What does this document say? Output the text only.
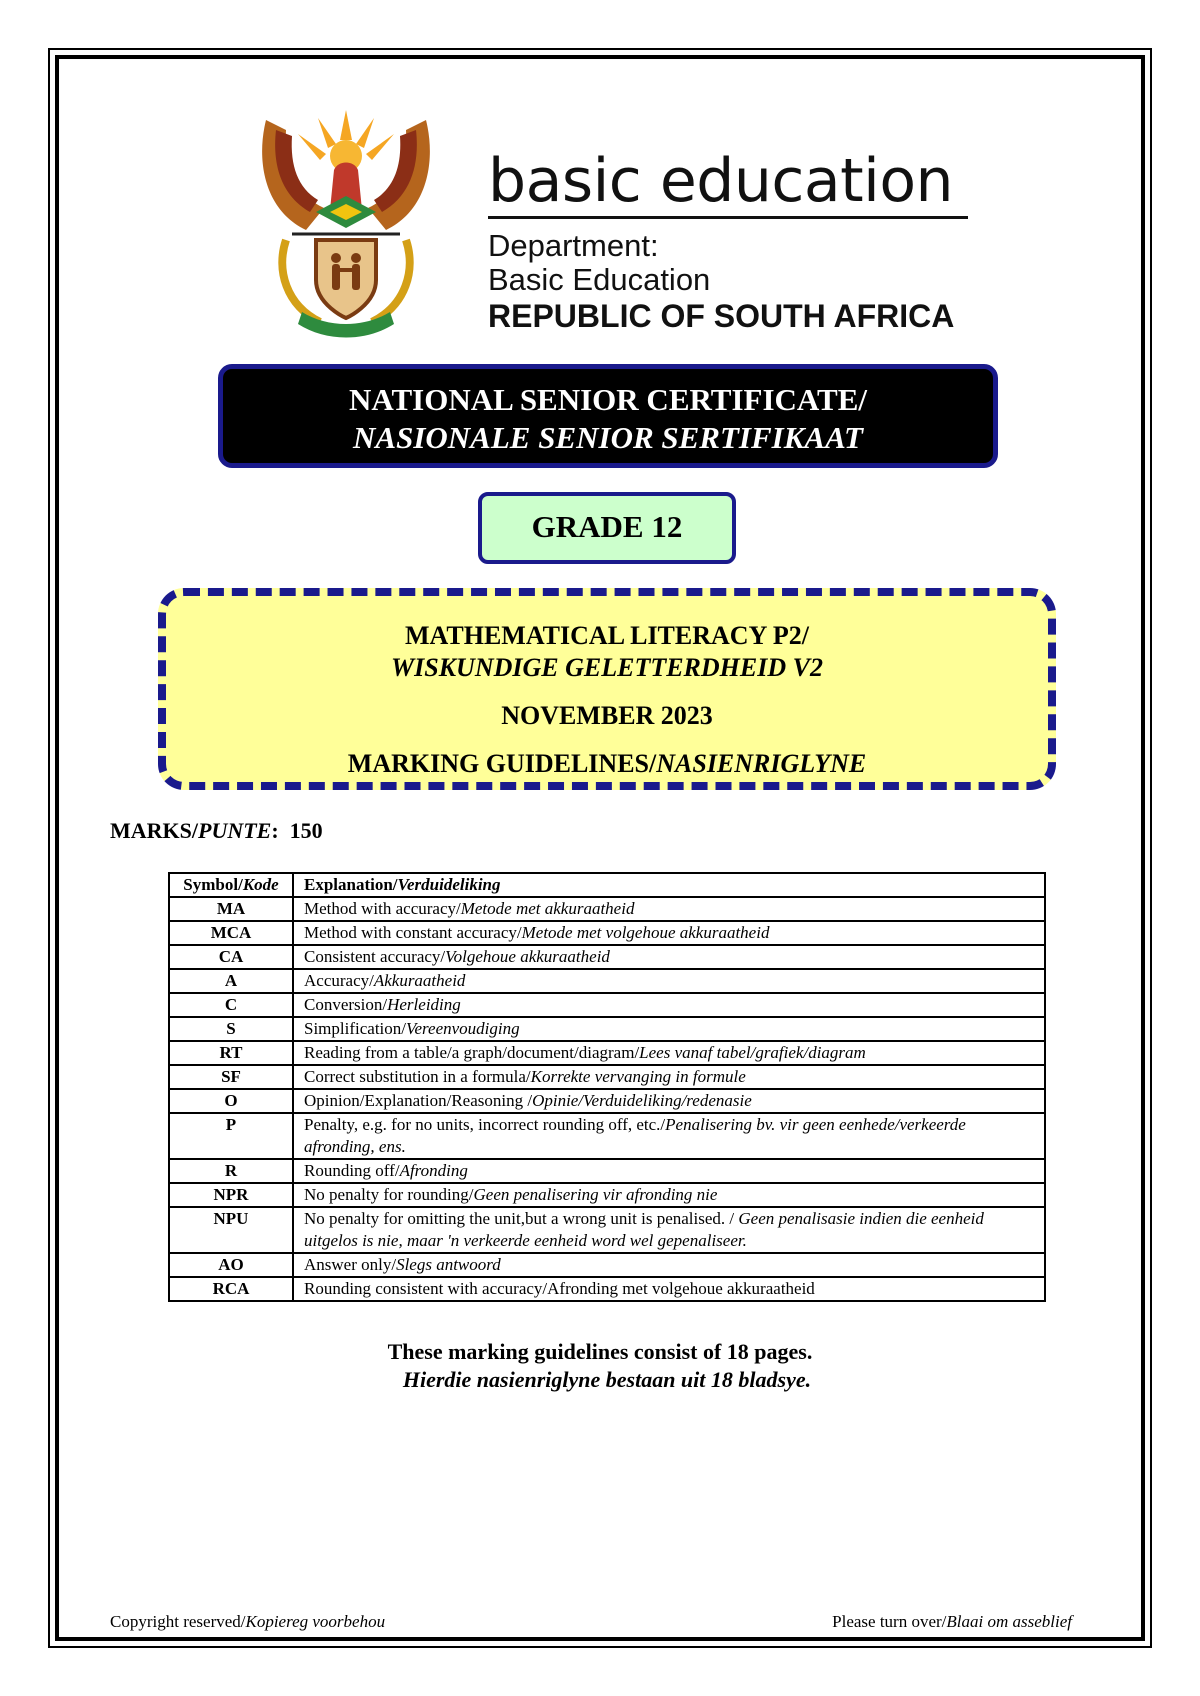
basic education
Department:
Basic Education
REPUBLIC OF SOUTH AFRICA
NATIONAL SENIOR CERTIFICATE/
NASIONALE SENIOR SERTIFIKAAT
GRADE 12
MATHEMATICAL LITERACY P2/
WISKUNDIGE GELETTERDHEID V2
NOVEMBER 2023
MARKING GUIDELINES/NASIENRIGLYNE
MARKS/PUNTE:  150
Symbol/Kode	Explanation/Verduideliking
MA	Method with accuracy/Metode met akkuraatheid
MCA	Method with constant accuracy/Metode met volgehoue akkuraatheid
CA	Consistent accuracy/Volgehoue akkuraatheid
A	Accuracy/Akkuraatheid
C	Conversion/Herleiding
S	Simplification/Vereenvoudiging
RT	Reading from a table/a graph/document/diagram/Lees vanaf tabel/grafiek/diagram
SF	Correct substitution in a formula/Korrekte vervanging in formule
O	Opinion/Explanation/Reasoning /Opinie/Verduideliking/redenasie
P	Penalty, e.g. for no units, incorrect rounding off, etc./Penalisering bv. vir geen eenhede/verkeerde afronding, ens.
R	Rounding off/Afronding
NPR	No penalty for rounding/Geen penalisering vir afronding nie
NPU	No penalty for omitting the unit,but a wrong unit is penalised. / Geen penalisasie indien die eenheid uitgelos is nie, maar 'n verkeerde eenheid word wel gepenaliseer.
AO	Answer only/Slegs antwoord
RCA	Rounding consistent with accuracy/Afronding met volgehoue akkuraatheid
These marking guidelines consist of 18 pages.
Hierdie nasienriglyne bestaan uit 18 bladsye.
Copyright reserved/Kopiereg voorbehou	Please turn over/Blaai om asseblief
